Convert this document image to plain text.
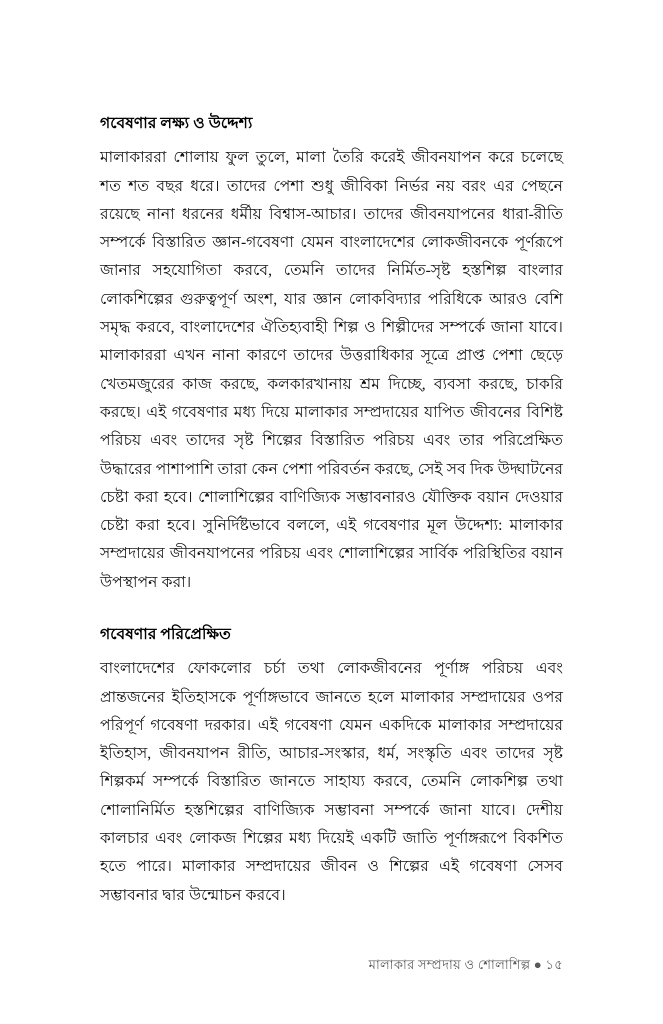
গবেষণার লক্ষ্য ও উদ্দেশ্য

মালাকাররা শোলায় ফুল তুলে, মালা তৈরি করেই জীবনযাপন করে চলেছে শত শত বছর ধরে। তাদের পেশা শুধু জীবিকা নির্ভর নয় বরং এর পেছনে রয়েছে নানা ধরনের ধর্মীয় বিশ্বাস-আচার। তাদের জীবনযাপনের ধারা-রীতি সম্পর্কে বিস্তারিত জ্ঞান-গবেষণা যেমন বাংলাদেশের লোকজীবনকে পূর্ণরূপে জানার সহযোগিতা করবে, তেমনি তাদের নির্মিত-সৃষ্ট হস্তশিল্প বাংলার লোকশিল্পের গুরুত্বপূর্ণ অংশ, যার জ্ঞান লোকবিদ্যার পরিধিকে আরও বেশি সমৃদ্ধ করবে, বাংলাদেশের ঐতিহ্যবাহী শিল্প ও শিল্পীদের সম্পর্কে জানা যাবে। মালাকাররা এখন নানা কারণে তাদের উত্তরাধিকার সূত্রে প্রাপ্ত পেশা ছেড়ে খেতমজুরের কাজ করছে, কলকারখানায় শ্রম দিচ্ছে, ব্যবসা করছে, চাকরি করছে। এই গবেষণার মধ্য দিয়ে মালাকার সম্প্রদায়ের যাপিত জীবনের বিশিষ্ট পরিচয় এবং তাদের সৃষ্ট শিল্পের বিস্তারিত পরিচয় এবং তার পরিপ্রেক্ষিত উদ্ধারের পাশাপাশি তারা কেন পেশা পরিবর্তন করছে, সেই সব দিক উদ্ঘাটনের চেষ্টা করা হবে। শোলাশিল্পের বাণিজ্যিক সম্ভাবনারও যৌক্তিক বয়ান দেওয়ার চেষ্টা করা হবে। সুনির্দিষ্টভাবে বললে, এই গবেষণার মূল উদ্দেশ্য: মালাকার সম্প্রদায়ের জীবনযাপনের পরিচয় এবং শোলাশিল্পের সার্বিক পরিস্থিতির বয়ান উপস্থাপন করা।

গবেষণার পরিপ্রেক্ষিত

বাংলাদেশের ফোকলোর চর্চা তথা লোকজীবনের পূর্ণাঙ্গ পরিচয় এবং প্রান্তজনের ইতিহাসকে পূর্ণাঙ্গভাবে জানতে হলে মালাকার সম্প্রদায়ের ওপর পরিপূর্ণ গবেষণা দরকার। এই গবেষণা যেমন একদিকে মালাকার সম্প্রদায়ের ইতিহাস, জীবনযাপন রীতি, আচার-সংস্কার, ধর্ম, সংস্কৃতি এবং তাদের সৃষ্ট শিল্পকর্ম সম্পর্কে বিস্তারিত জানতে সাহায্য করবে, তেমনি লোকশিল্প তথা শোলানির্মিত হস্তশিল্পের বাণিজ্যিক সম্ভাবনা সম্পর্কে জানা যাবে। দেশীয় কালচার এবং লোকজ শিল্পের মধ্য দিয়েই একটি জাতি পূর্ণাঙ্গরূপে বিকশিত হতে পারে। মালাকার সম্প্রদায়ের জীবন ও শিল্পের এই গবেষণা সেসব সম্ভাবনার দ্বার উন্মোচন করবে।

মালাকার সম্প্রদায় ও শোলাশিল্প ● ১৫
